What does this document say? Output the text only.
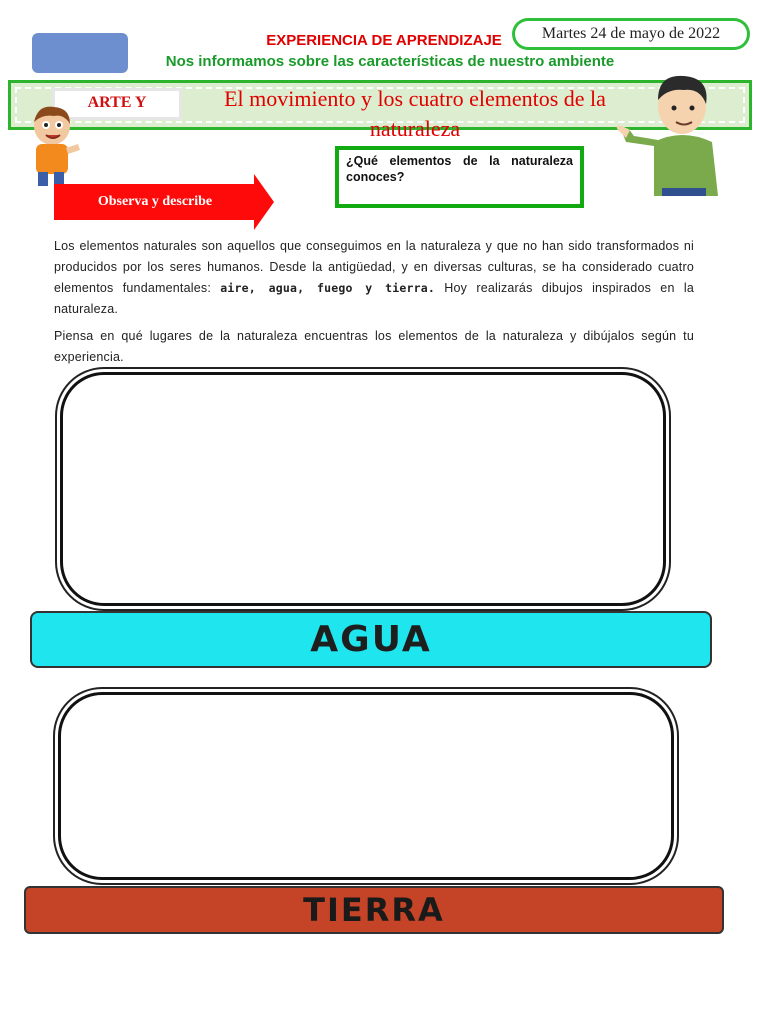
EXPERIENCIA DE APRENDIZAJE
Nos informamos sobre las características de nuestro ambiente
Martes 24 de mayo de 2022
ARTE Y	El movimiento y los cuatro elementos de la naturaleza
¿Qué elementos de la naturaleza conoces?
Observa y describe
Los elementos naturales son aquellos que conseguimos en la naturaleza y que no han sido transformados ni producidos por los seres humanos. Desde la antigüedad, y en diversas culturas, se ha considerado cuatro elementos fundamentales: aire, agua, fuego y tierra. Hoy realizarás dibujos inspirados en la naturaleza.
Piensa en qué lugares de la naturaleza encuentras los elementos de la naturaleza y dibújalos según tu experiencia.
AGUA
TIERRA
